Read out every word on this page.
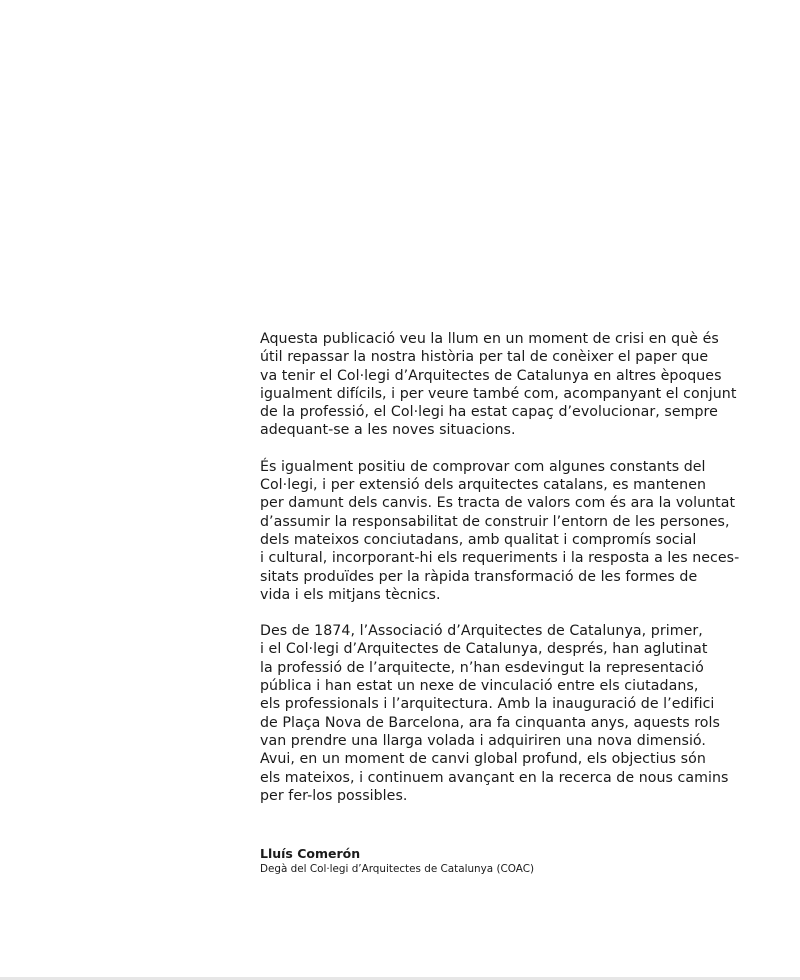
Aquesta publicació veu la llum en un moment de crisi en què és
útil repassar la nostra història per tal de conèixer el paper que
va tenir el Col·legi d’Arquitectes de Catalunya en altres èpoques
igualment difícils, i per veure també com, acompanyant el conjunt
de la professió, el Col·legi ha estat capaç d’evolucionar, sempre
adequant-se a les noves situacions.

És igualment positiu de comprovar com algunes constants del
Col·legi, i per extensió dels arquitectes catalans, es mantenen
per damunt dels canvis. Es tracta de valors com és ara la voluntat
d’assumir la responsabilitat de construir l’entorn de les persones,
dels mateixos conciutadans, amb qualitat i compromís social
i cultural, incorporant-hi els requeriments i la resposta a les neces-
sitats produïdes per la ràpida transformació de les formes de
vida i els mitjans tècnics.

Des de 1874, l’Associació d’Arquitectes de Catalunya, primer,
i el Col·legi d’Arquitectes de Catalunya, després, han aglutinat
la professió de l’arquitecte, n’han esdevingut la representació
pública i han estat un nexe de vinculació entre els ciutadans,
els professionals i l’arquitectura. Amb la inauguració de l’edifici
de Plaça Nova de Barcelona, ara fa cinquanta anys, aquests rols
van prendre una llarga volada i adquiriren una nova dimensió.
Avui, en un moment de canvi global profund, els objectius són
els mateixos, i continuem avançant en la recerca de nous camins
per fer-los possibles.

Lluís Comerón
Degà del Col·legi d’Arquitectes de Catalunya (COAC)
